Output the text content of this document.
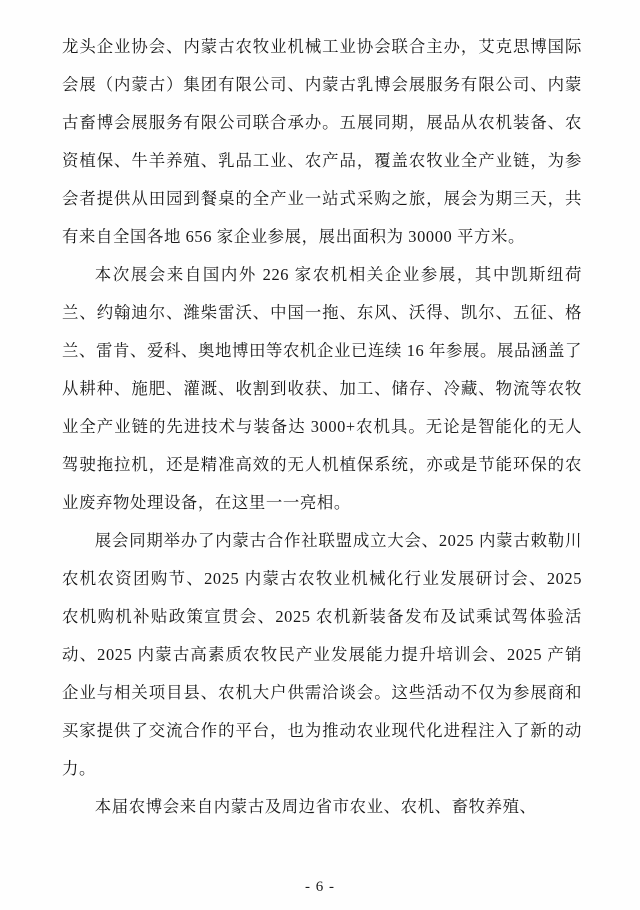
龙头企业协会、内蒙古农牧业机械工业协会联合主办，艾克思博国际会展（内蒙古）集团有限公司、内蒙古乳博会展服务有限公司、内蒙古畜博会展服务有限公司联合承办。五展同期，展品从农机装备、农资植保、牛羊养殖、乳品工业、农产品，覆盖农牧业全产业链，为参会者提供从田园到餐桌的全产业一站式采购之旅，展会为期三天，共有来自全国各地 656 家企业参展，展出面积为 30000 平方米。

本次展会来自国内外 226 家农机相关企业参展，其中凯斯纽荷兰、约翰迪尔、潍柴雷沃、中国一拖、东风、沃得、凯尔、五征、格兰、雷肯、爱科、奥地博田等农机企业已连续 16 年参展。展品涵盖了从耕种、施肥、灌溉、收割到收获、加工、储存、冷藏、物流等农牧业全产业链的先进技术与装备达 3000+农机具。无论是智能化的无人驾驶拖拉机，还是精准高效的无人机植保系统，亦或是节能环保的农业废弃物处理设备，在这里一一亮相。

展会同期举办了内蒙古合作社联盟成立大会、2025 内蒙古敕勒川农机农资团购节、2025 内蒙古农牧业机械化行业发展研讨会、2025 农机购机补贴政策宣贯会、2025 农机新装备发布及试乘试驾体验活动、2025 内蒙古高素质农牧民产业发展能力提升培训会、2025 产销企业与相关项目县、农机大户供需洽谈会。这些活动不仅为参展商和买家提供了交流合作的平台，也为推动农业现代化进程注入了新的动力。

本届农博会来自内蒙古及周边省市农业、农机、畜牧养殖、

- 6 -
